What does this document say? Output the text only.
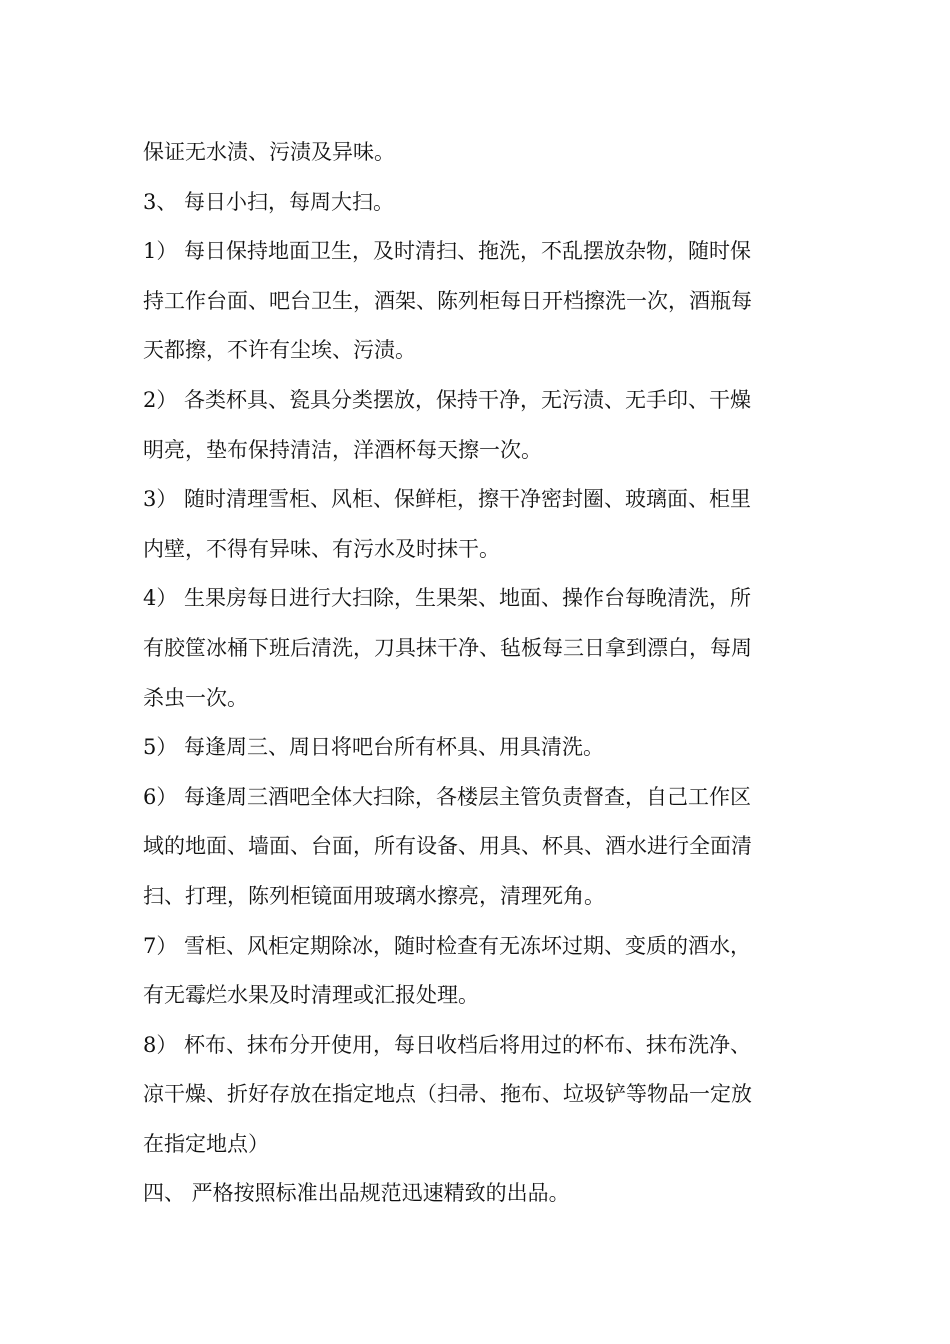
保证无水渍、污渍及异味。

3、 每日小扫，每周大扫。

1） 每日保持地面卫生，及时清扫、拖洗，不乱摆放杂物，随时保

持工作台面、吧台卫生，酒架、陈列柜每日开档擦洗一次，酒瓶每

天都擦，不许有尘埃、污渍。

2） 各类杯具、瓷具分类摆放，保持干净，无污渍、无手印、干燥

明亮，垫布保持清洁，洋酒杯每天擦一次。

3） 随时清理雪柜、风柜、保鲜柜，擦干净密封圈、玻璃面、柜里

内壁，不得有异味、有污水及时抹干。

4） 生果房每日进行大扫除，生果架、地面、操作台每晚清洗，所

有胶筐冰桶下班后清洗，刀具抹干净、毡板每三日拿到漂白，每周

杀虫一次。

5） 每逢周三、周日将吧台所有杯具、用具清洗。

6） 每逢周三酒吧全体大扫除，各楼层主管负责督查，自己工作区

域的地面、墙面、台面，所有设备、用具、杯具、酒水进行全面清

扫、打理，陈列柜镜面用玻璃水擦亮，清理死角。

7） 雪柜、风柜定期除冰，随时检查有无冻坏过期、变质的酒水，

有无霉烂水果及时清理或汇报处理。

8） 杯布、抹布分开使用，每日收档后将用过的杯布、抹布洗净、

凉干燥、折好存放在指定地点（扫帚、拖布、垃圾铲等物品一定放

在指定地点）

四、 严格按照标准出品规范迅速精致的出品。
